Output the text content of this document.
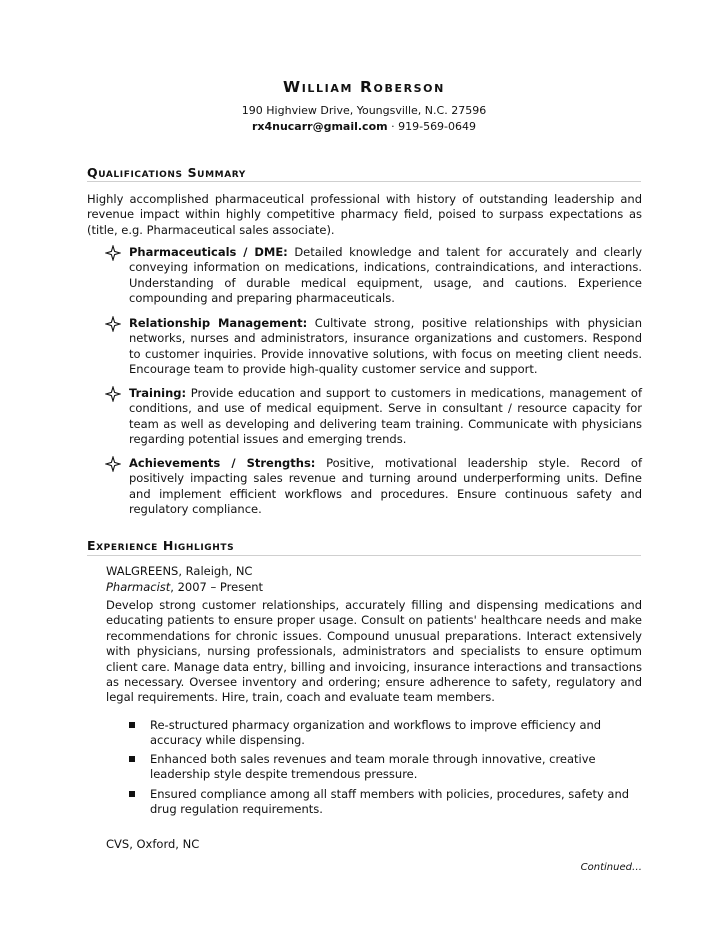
William Roberson
190 Highview Drive, Youngsville, N.C. 27596
rx4nucarr@gmail.com · 919-569-0649
Qualifications Summary
Highly accomplished pharmaceutical professional with history of outstanding leadership and revenue impact within highly competitive pharmacy field, poised to surpass expectations as (title, e.g. Pharmaceutical sales associate).
Pharmaceuticals / DME: Detailed knowledge and talent for accurately and clearly conveying information on medications, indications, contraindications, and interactions. Understanding of durable medical equipment, usage, and cautions. Experience compounding and preparing pharmaceuticals.
Relationship Management: Cultivate strong, positive relationships with physician networks, nurses and administrators, insurance organizations and customers. Respond to customer inquiries. Provide innovative solutions, with focus on meeting client needs. Encourage team to provide high-quality customer service and support.
Training: Provide education and support to customers in medications, management of conditions, and use of medical equipment. Serve in consultant / resource capacity for team as well as developing and delivering team training. Communicate with physicians regarding potential issues and emerging trends.
Achievements / Strengths: Positive, motivational leadership style. Record of positively impacting sales revenue and turning around underperforming units. Define and implement efficient workflows and procedures. Ensure continuous safety and regulatory compliance.
Experience Highlights
WALGREENS, Raleigh, NC
Pharmacist, 2007 – Present
Develop strong customer relationships, accurately filling and dispensing medications and educating patients to ensure proper usage. Consult on patients' healthcare needs and make recommendations for chronic issues. Compound unusual preparations. Interact extensively with physicians, nursing professionals, administrators and specialists to ensure optimum client care. Manage data entry, billing and invoicing, insurance interactions and transactions as necessary. Oversee inventory and ordering; ensure adherence to safety, regulatory and legal requirements. Hire, train, coach and evaluate team members.
Re-structured pharmacy organization and workflows to improve efficiency and accuracy while dispensing.
Enhanced both sales revenues and team morale through innovative, creative leadership style despite tremendous pressure.
Ensured compliance among all staff members with policies, procedures, safety and drug regulation requirements.
CVS, Oxford, NC
Continued…
